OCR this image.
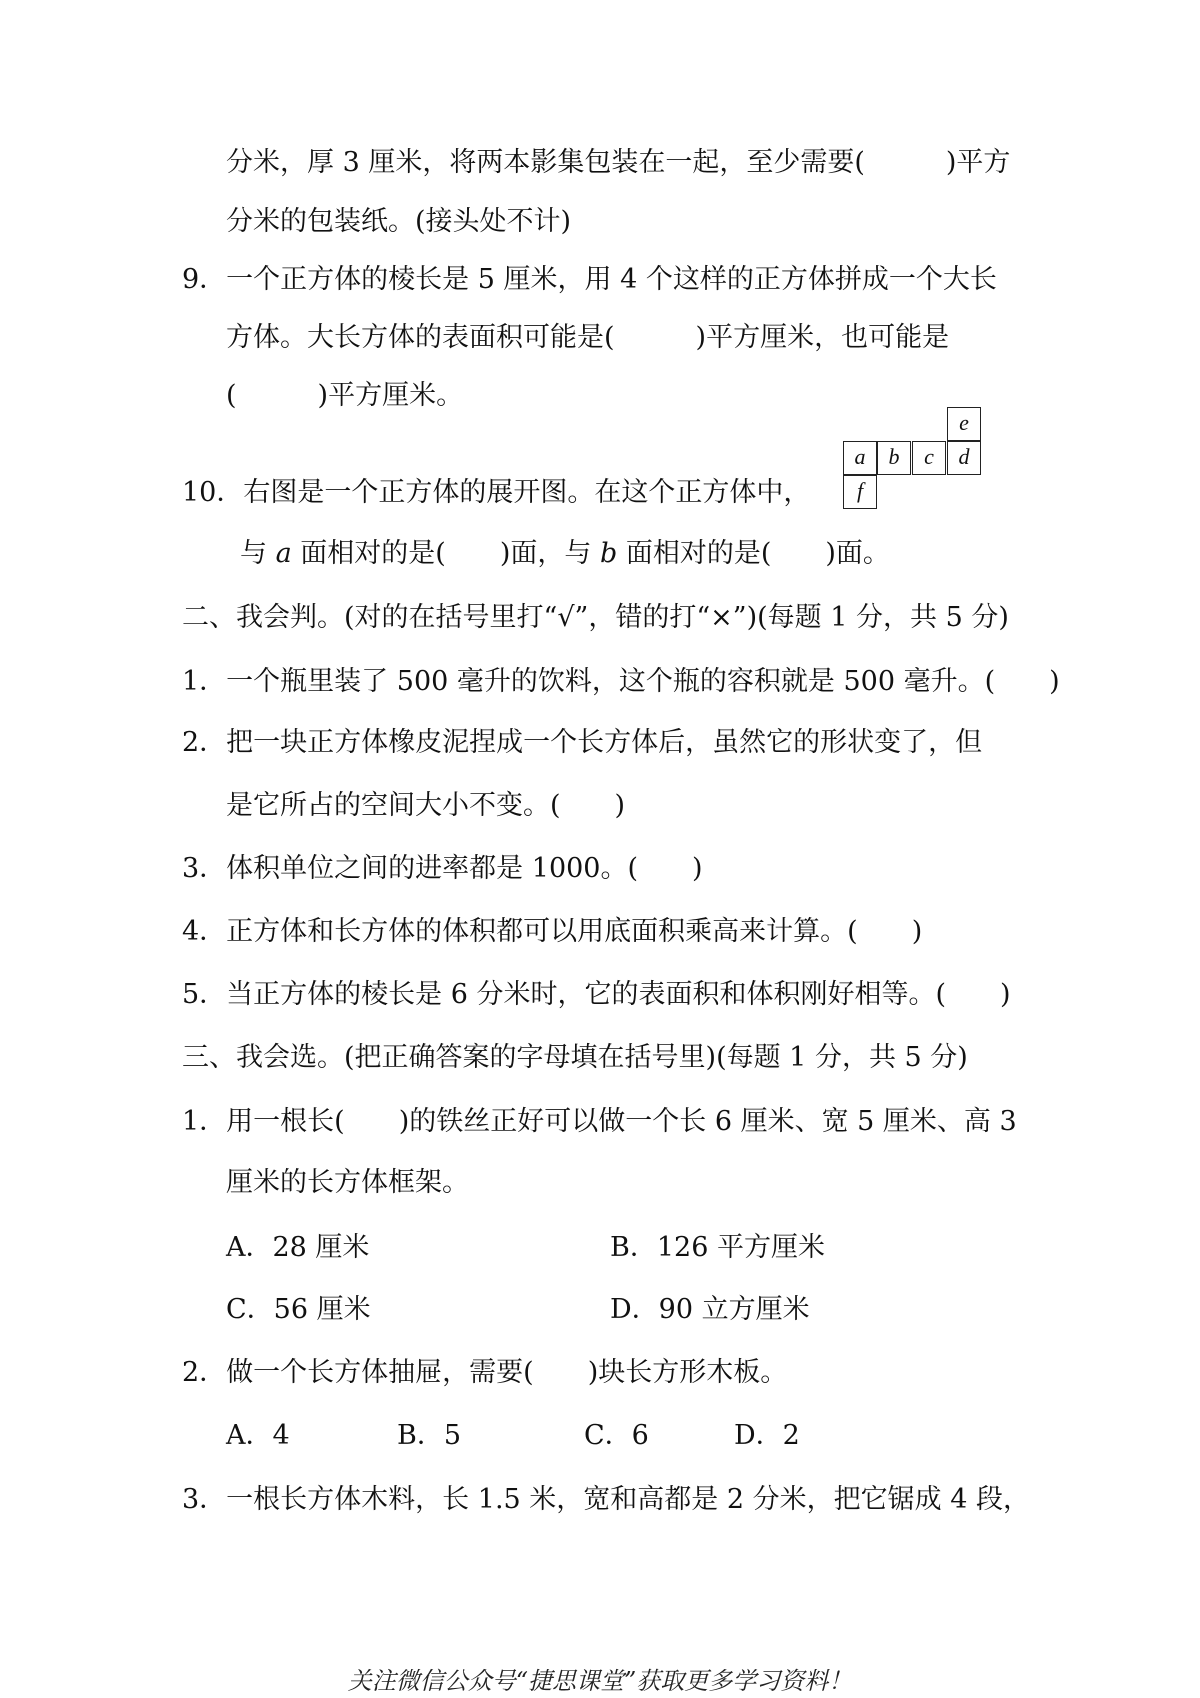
分米，厚 3 厘米，将两本影集包装在一起，至少需要(　　　)平方
分米的包装纸。(接头处不计)
9．一个正方体的棱长是 5 厘米，用 4 个这样的正方体拼成一个大长
方体。大长方体的表面积可能是(　　　)平方厘米，也可能是
(　　　)平方厘米。
10．右图是一个正方体的展开图。在这个正方体中，
与 a 面相对的是(　　)面，与 b 面相对的是(　　)面。
e
a	b	c	d
f
二、我会判。(对的在括号里打“√”，错的打“×”)(每题 1 分，共 5 分)
1．一个瓶里装了 500 毫升的饮料，这个瓶的容积就是 500 毫升。(　　)
2．把一块正方体橡皮泥捏成一个长方体后，虽然它的形状变了，但
是它所占的空间大小不变。(　　)
3．体积单位之间的进率都是 1000。(　　)
4．正方体和长方体的体积都可以用底面积乘高来计算。(　　)
5．当正方体的棱长是 6 分米时，它的表面积和体积刚好相等。(　　)
三、我会选。(把正确答案的字母填在括号里)(每题 1 分，共 5 分)
1．用一根长(　　)的铁丝正好可以做一个长 6 厘米、宽 5 厘米、高 3
厘米的长方体框架。
A．28 厘米	B．126 平方厘米
C．56 厘米	D．90 立方厘米
2．做一个长方体抽屉，需要(　　)块长方形木板。
A．4	B．5	C．6	D．2
3．一根长方体木料，长 1.5 米，宽和高都是 2 分米，把它锯成 4 段，
关注微信公众号“捷思课堂”获取更多学习资料！
